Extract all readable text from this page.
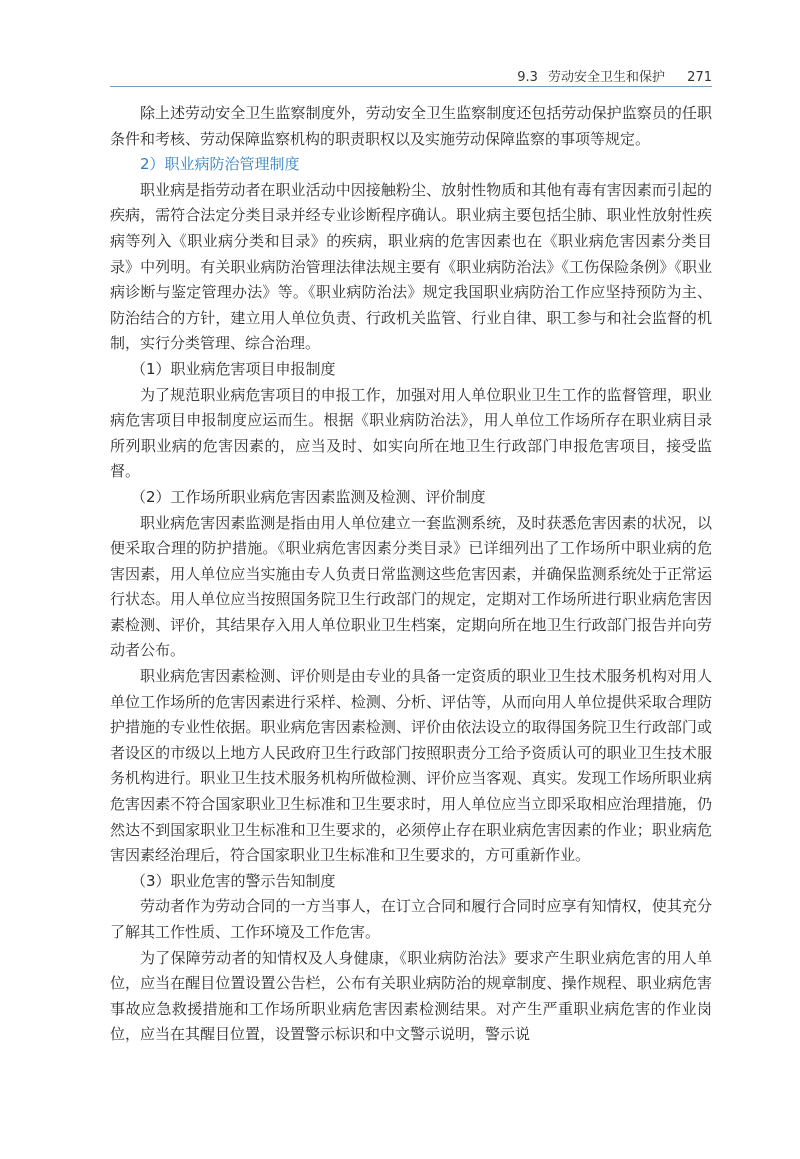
9.3 劳动安全卫生和保护 271

除上述劳动安全卫生监察制度外，劳动安全卫生监察制度还包括劳动保护监察员的任职条件和考核、劳动保障监察机构的职责职权以及实施劳动保障监察的事项等规定。

2）职业病防治管理制度

职业病是指劳动者在职业活动中因接触粉尘、放射性物质和其他有毒有害因素而引起的疾病，需符合法定分类目录并经专业诊断程序确认。职业病主要包括尘肺、职业性放射性疾病等列入《职业病分类和目录》的疾病，职业病的危害因素也在《职业病危害因素分类目录》中列明。有关职业病防治管理法律法规主要有《职业病防治法》《工伤保险条例》《职业病诊断与鉴定管理办法》等。《职业病防治法》规定我国职业病防治工作应坚持预防为主、防治结合的方针，建立用人单位负责、行政机关监管、行业自律、职工参与和社会监督的机制，实行分类管理、综合治理。

（1）职业病危害项目申报制度

为了规范职业病危害项目的申报工作，加强对用人单位职业卫生工作的监督管理，职业病危害项目申报制度应运而生。根据《职业病防治法》，用人单位工作场所存在职业病目录所列职业病的危害因素的，应当及时、如实向所在地卫生行政部门申报危害项目，接受监督。

（2）工作场所职业病危害因素监测及检测、评价制度

职业病危害因素监测是指由用人单位建立一套监测系统，及时获悉危害因素的状况，以便采取合理的防护措施。《职业病危害因素分类目录》已详细列出了工作场所中职业病的危害因素，用人单位应当实施由专人负责日常监测这些危害因素，并确保监测系统处于正常运行状态。用人单位应当按照国务院卫生行政部门的规定，定期对工作场所进行职业病危害因素检测、评价，其结果存入用人单位职业卫生档案，定期向所在地卫生行政部门报告并向劳动者公布。

职业病危害因素检测、评价则是由专业的具备一定资质的职业卫生技术服务机构对用人单位工作场所的危害因素进行采样、检测、分析、评估等，从而向用人单位提供采取合理防护措施的专业性依据。职业病危害因素检测、评价由依法设立的取得国务院卫生行政部门或者设区的市级以上地方人民政府卫生行政部门按照职责分工给予资质认可的职业卫生技术服务机构进行。职业卫生技术服务机构所做检测、评价应当客观、真实。发现工作场所职业病危害因素不符合国家职业卫生标准和卫生要求时，用人单位应当立即采取相应治理措施，仍然达不到国家职业卫生标准和卫生要求的，必须停止存在职业病危害因素的作业；职业病危害因素经治理后，符合国家职业卫生标准和卫生要求的，方可重新作业。

（3）职业危害的警示告知制度

劳动者作为劳动合同的一方当事人，在订立合同和履行合同时应享有知情权，使其充分了解其工作性质、工作环境及工作危害。

为了保障劳动者的知情权及人身健康，《职业病防治法》要求产生职业病危害的用人单位，应当在醒目位置设置公告栏，公布有关职业病防治的规章制度、操作规程、职业病危害事故应急救援措施和工作场所职业病危害因素检测结果。对产生严重职业病危害的作业岗位，应当在其醒目位置，设置警示标识和中文警示说明，警示说
